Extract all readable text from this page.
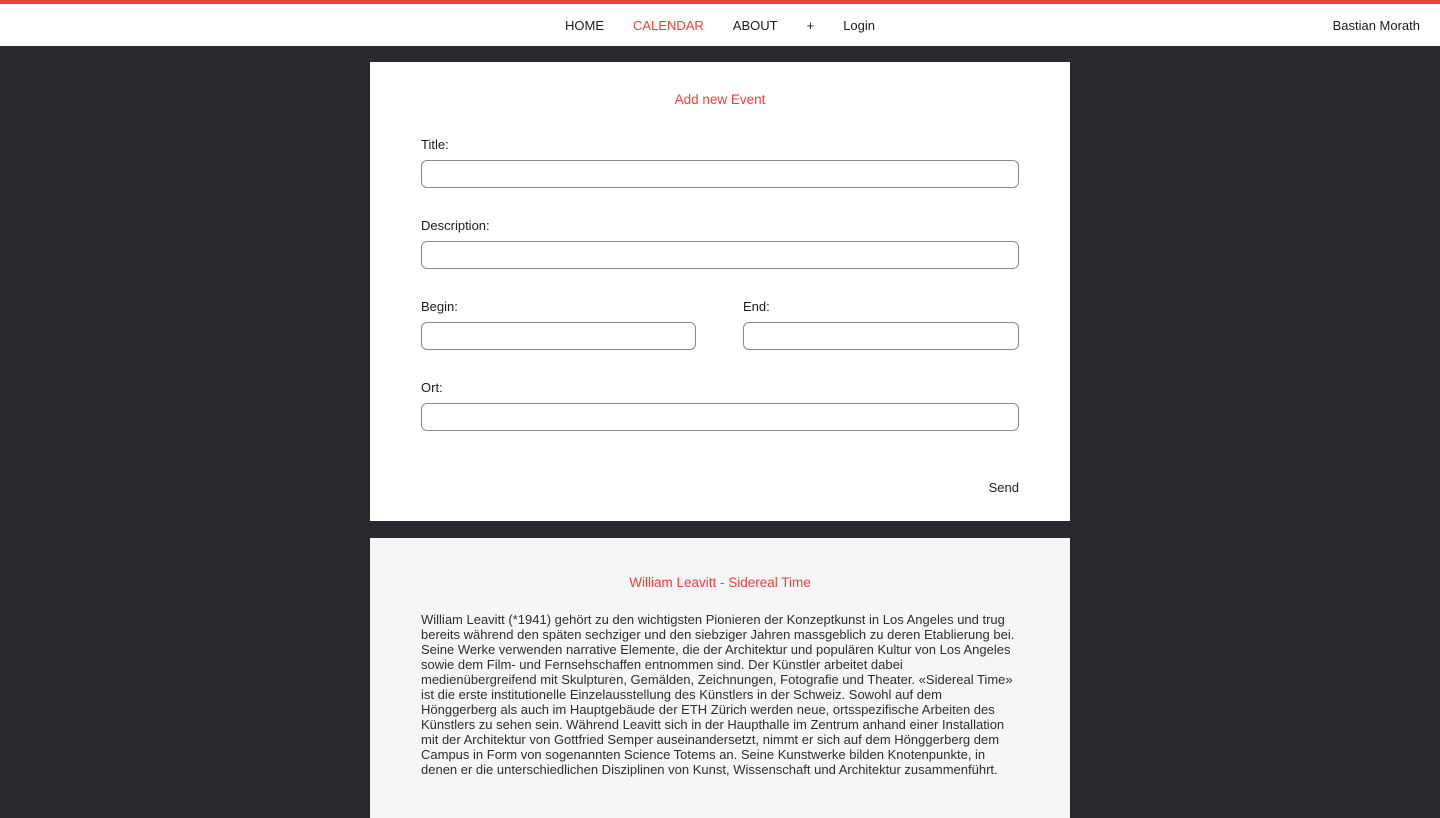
HOME CALENDAR ABOUT + Login	Bastian Morath
Add new Event
Title:
Description:
Begin:	End:
Ort:
Send
William Leavitt - Sidereal Time

William Leavitt (*1941) gehört zu den wichtigsten Pionieren der Konzeptkunst in Los Angeles und trug bereits während den späten sechziger und den siebziger Jahren massgeblich zu deren Etablierung bei. Seine Werke verwenden narrative Elemente, die der Architektur und populären Kultur von Los Angeles sowie dem Film- und Fernsehschaffen entnommen sind. Der Künstler arbeitet dabei medienübergreifend mit Skulpturen, Gemälden, Zeichnungen, Fotografie und Theater. «Sidereal Time» ist die erste institutionelle Einzelausstellung des Künstlers in der Schweiz. Sowohl auf dem Hönggerberg als auch im Hauptgebäude der ETH Zürich werden neue, ortsspezifische Arbeiten des Künstlers zu sehen sein. Während Leavitt sich in der Haupthalle im Zentrum anhand einer Installation mit der Architektur von Gottfried Semper auseinandersetzt, nimmt er sich auf dem Hönggerberg dem Campus in Form von sogenannten Science Totems an. Seine Kunstwerke bilden Knotenpunkte, in denen er die unterschiedlichen Disziplinen von Kunst, Wissenschaft und Architektur zusammenführt.
